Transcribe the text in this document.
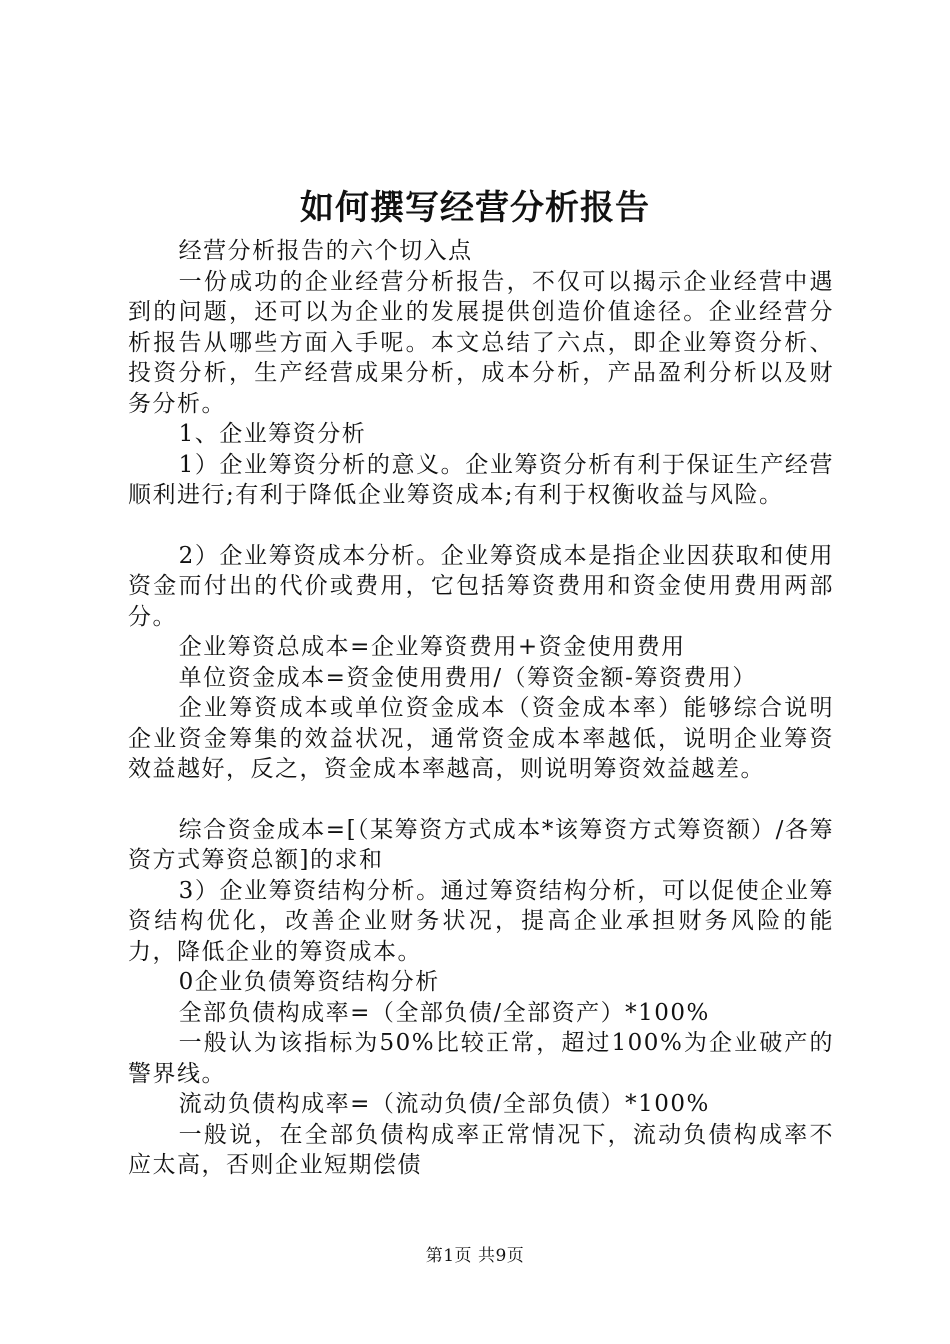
如何撰写经营分析报告

经营分析报告的六个切入点

一份成功的企业经营分析报告，不仅可以揭示企业经营中遇到的问题，还可以为企业的发展提供创造价值途径。企业经营分析报告从哪些方面入手呢。本文总结了六点，即企业筹资分析、投资分析，生产经营成果分析，成本分析，产品盈利分析以及财务分析。

1、企业筹资分析

1）企业筹资分析的意义。企业筹资分析有利于保证生产经营顺利进行;有利于降低企业筹资成本;有利于权衡收益与风险。

2）企业筹资成本分析。企业筹资成本是指企业因获取和使用资金而付出的代价或费用，它包括筹资费用和资金使用费用两部分。

企业筹资总成本=企业筹资费用+资金使用费用

单位资金成本=资金使用费用/（筹资金额-筹资费用）

企业筹资成本或单位资金成本（资金成本率）能够综合说明企业资金筹集的效益状况，通常资金成本率越低，说明企业筹资效益越好，反之，资金成本率越高，则说明筹资效益越差。

综合资金成本=[（某筹资方式成本*该筹资方式筹资额）/各筹资方式筹资总额]的求和

3）企业筹资结构分析。通过筹资结构分析，可以促使企业筹资结构优化，改善企业财务状况，提高企业承担财务风险的能力，降低企业的筹资成本。

0企业负债筹资结构分析

全部负债构成率=（全部负债/全部资产）*100%

一般认为该指标为50%比较正常，超过100%为企业破产的警界线。

流动负债构成率=（流动负债/全部负债）*100%

一般说，在全部负债构成率正常情况下，流动负债构成率不应太高，否则企业短期偿债

第1页 共9页
